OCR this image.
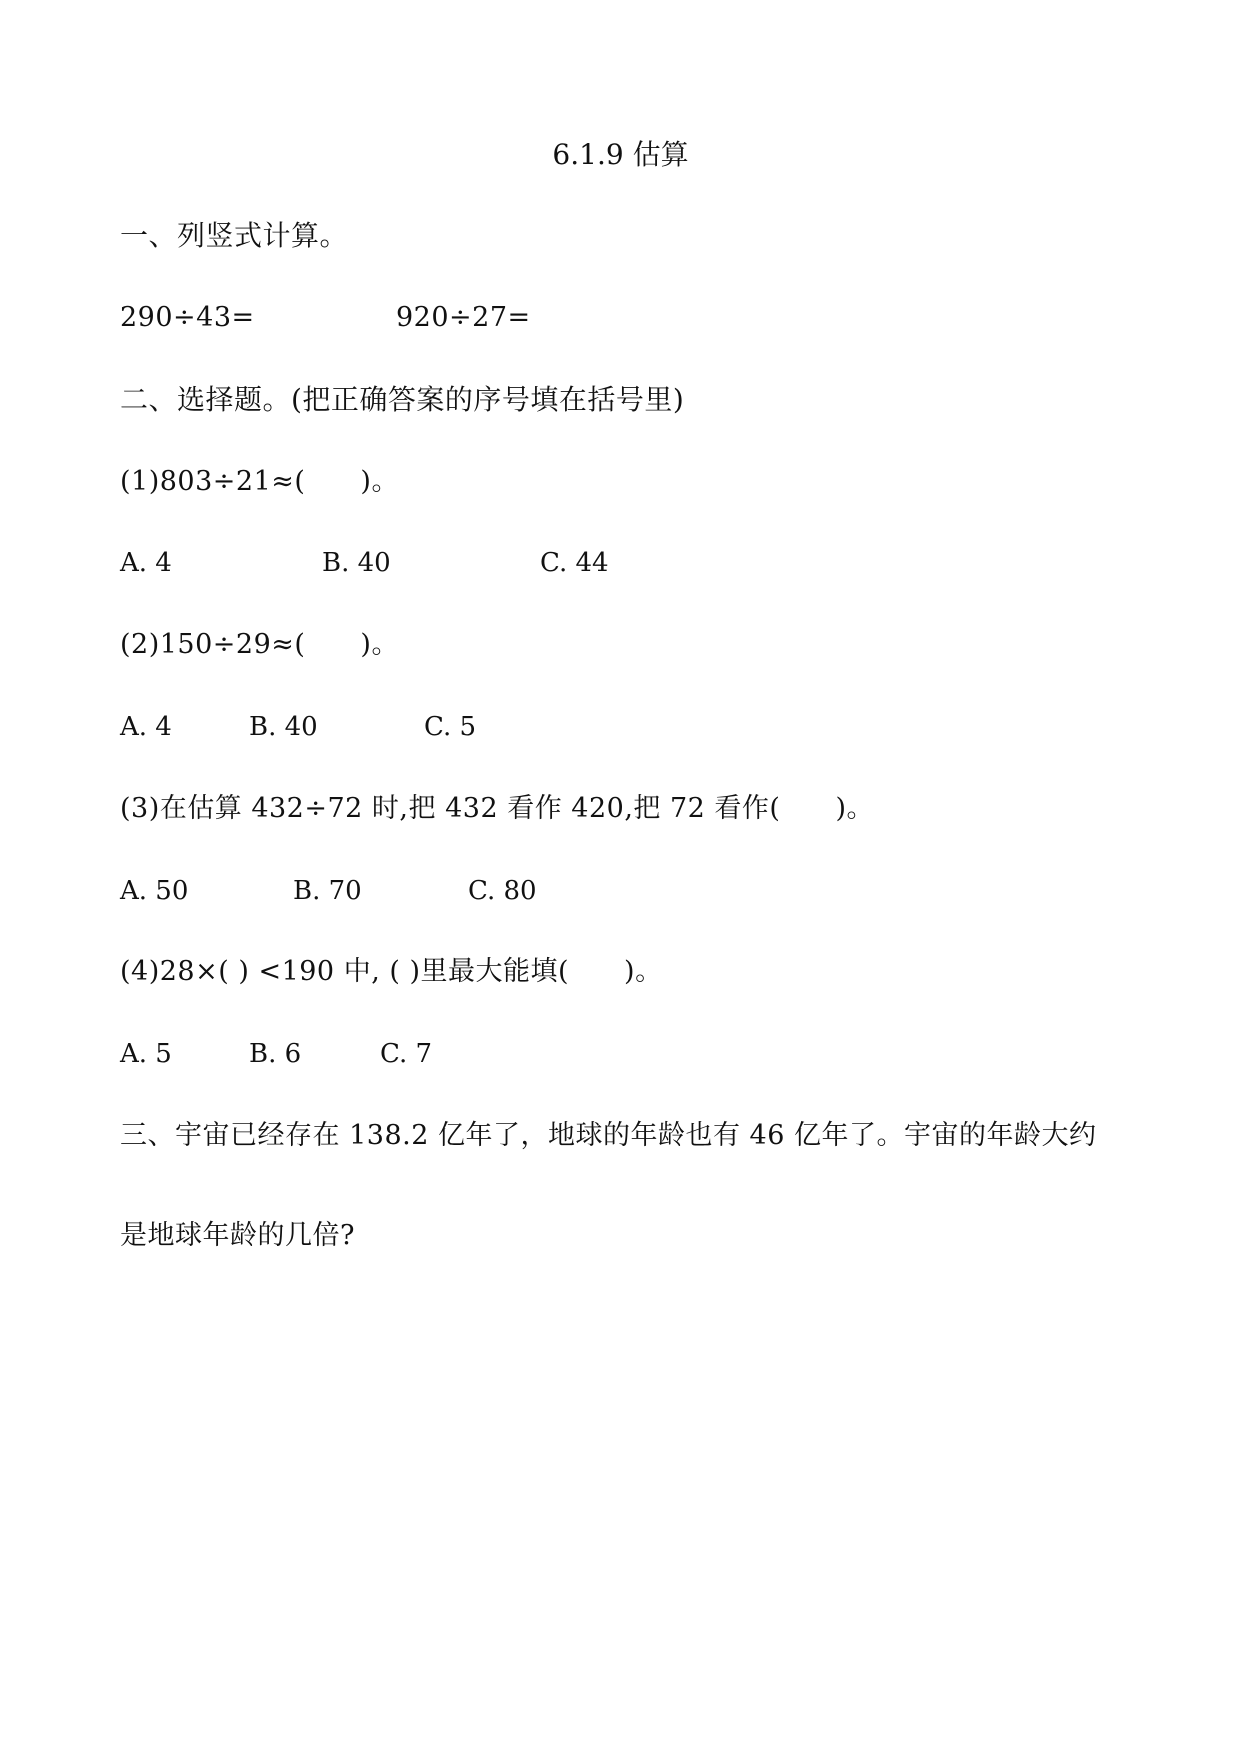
6.1.9 估算
一、列竖式计算。
290÷43=	920÷27=
二、选择题。(把正确答案的序号填在括号里)
(1)803÷21≈(　　)。
A. 4	B. 40	C. 44
(2)150÷29≈(　　)。
A. 4	B. 40	C. 5
(3)在估算 432÷72 时,把 432 看作 420,把 72 看作(　　)。
A. 50	B. 70	C. 80
(4)28×( ) <190 中, ( )里最大能填(　　)。
A. 5	B. 6	C. 7
三、宇宙已经存在 138.2 亿年了，地球的年龄也有 46 亿年了。宇宙的年龄大约
是地球年龄的几倍?
